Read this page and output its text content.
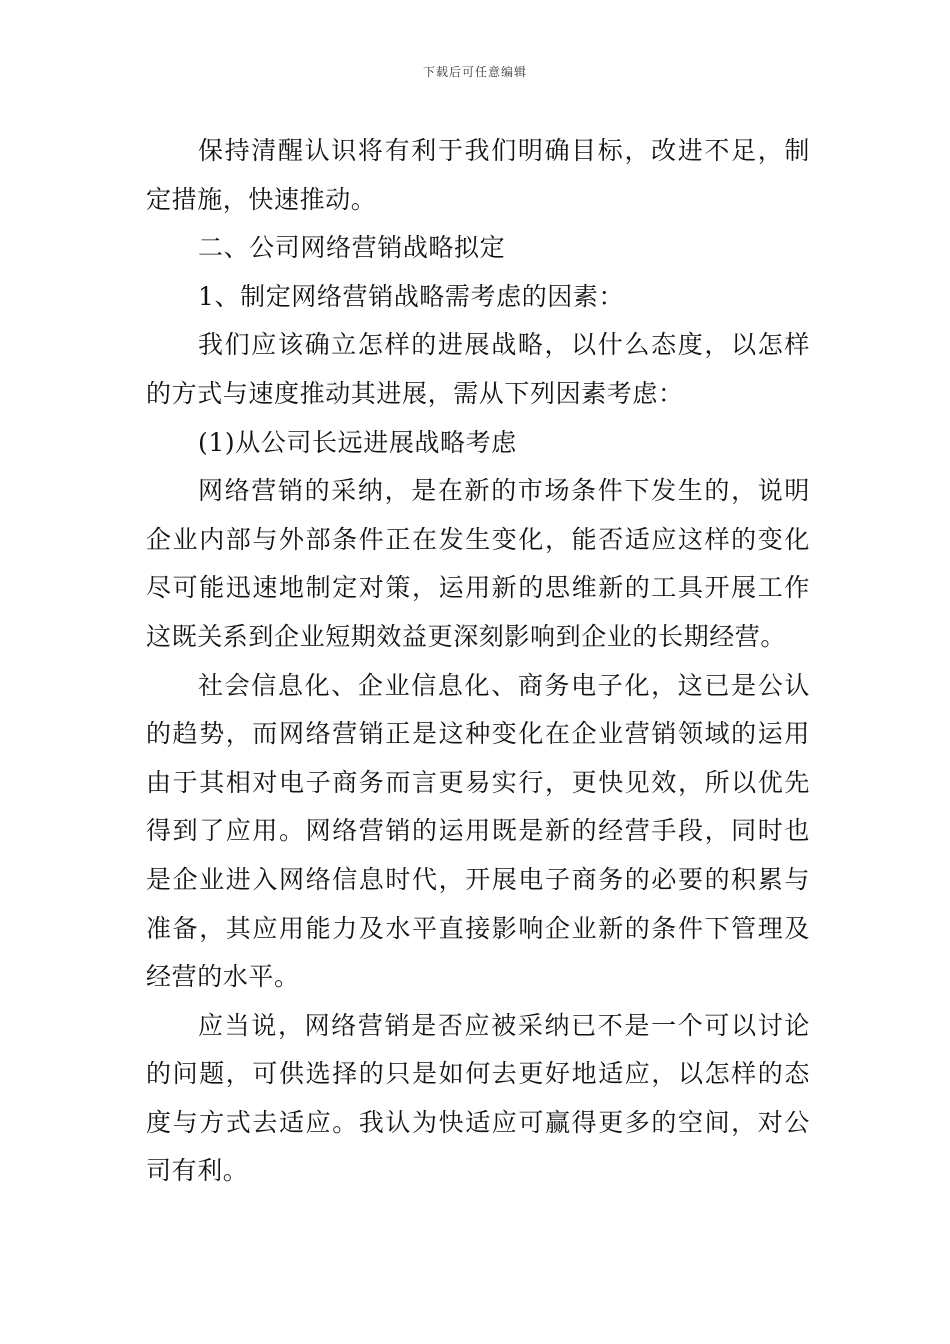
下载后可任意编辑

保持清醒认识将有利于我们明确目标，改进不足，制定措施，快速推动。

二、公司网络营销战略拟定

1、制定网络营销战略需考虑的因素：

我们应该确立怎样的进展战略，以什么态度，以怎样的方式与速度推动其进展，需从下列因素考虑：

(1)从公司长远进展战略考虑

网络营销的采纳，是在新的市场条件下发生的，说明企业内部与外部条件正在发生变化，能否适应这样的变化尽可能迅速地制定对策，运用新的思维新的工具开展工作这既关系到企业短期效益更深刻影响到企业的长期经营。

社会信息化、企业信息化、商务电子化，这已是公认的趋势，而网络营销正是这种变化在企业营销领域的运用由于其相对电子商务而言更易实行，更快见效，所以优先得到了应用。网络营销的运用既是新的经营手段，同时也是企业进入网络信息时代，开展电子商务的必要的积累与准备，其应用能力及水平直接影响企业新的条件下管理及经营的水平。

应当说，网络营销是否应被采纳已不是一个可以讨论的问题，可供选择的只是如何去更好地适应，以怎样的态度与方式去适应。我认为快适应可赢得更多的空间，对公司有利。
